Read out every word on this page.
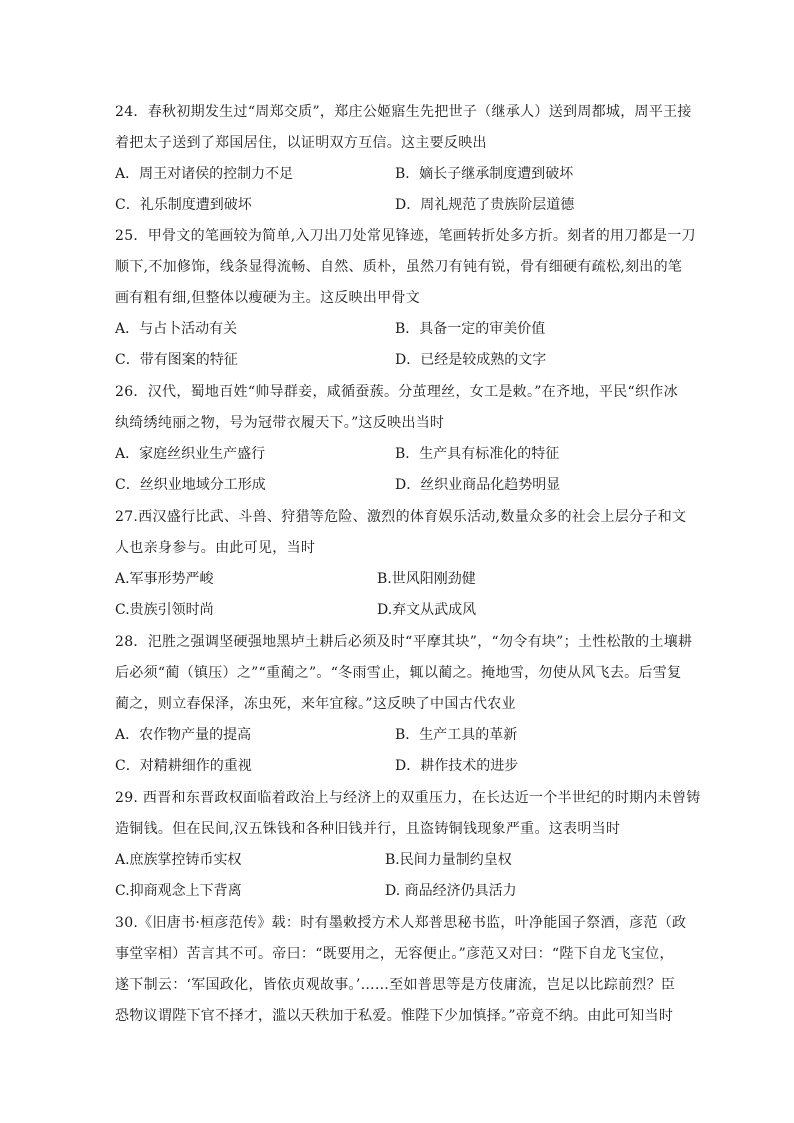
24．春秋初期发生过“周郑交质”，郑庄公姬寤生先把世子（继承人）送到周都城，周平王接

着把太子送到了郑国居住，以证明双方互信。这主要反映出

A．周王对诸侯的控制力不足	B．嫡长子继承制度遭到破坏
C．礼乐制度遭到破坏	D．周礼规范了贵族阶层道德

25．甲骨文的笔画较为简单,入刀出刀处常见锋迹，笔画转折处多方折。刻者的用刀都是一刀

顺下,不加修饰，线条显得流畅、自然、质朴，虽然刀有钝有锐，骨有细硬有疏松,刻出的笔

画有粗有细,但整体以瘦硬为主。这反映出甲骨文

A．与占卜活动有关	B．具备一定的审美价值
C．带有图案的特征	D．已经是较成熟的文字

26．汉代，蜀地百姓“帅导群妾，咸循蚕蔟。分茧理丝，女工是敕。”在齐地，平民“织作冰

纨绮绣纯丽之物，号为冠带衣履天下。”这反映出当时

A．家庭丝织业生产盛行	B．生产具有标准化的特征
C．丝织业地域分工形成	D．丝织业商品化趋势明显

27.西汉盛行比武、斗兽、狩猎等危险、激烈的体育娱乐活动,数量众多的社会上层分子和文

人也亲身参与。由此可见，当时

A.军事形势严峻	B.世风阳刚劲健
C.贵族引领时尚	D.弃文从武成风

28．汜胜之强调坚硬强地黑垆土耕后必须及时“平摩其块”，“勿令有块”；土性松散的土壤耕

后必须“蔺（镇压）之”“重蔺之”。“冬雨雪止，辄以蔺之。掩地雪，勿使从风飞去。后雪复

蔺之，则立春保泽，冻虫死，来年宜稼。”这反映了中国古代农业

A．农作物产量的提高	B．生产工具的革新
C．对精耕细作的重视	D．耕作技术的进步

29. 西晋和东晋政权面临着政治上与经济上的双重压力，在长达近一个半世纪的时期内未曾铸

造铜钱。但在民间,汉五铢钱和各种旧钱并行，且盗铸铜钱现象严重。这表明当时

A.庶族掌控铸币实权	B.民间力量制约皇权
C.抑商观念上下背离	D. 商品经济仍具活力

30.《旧唐书·桓彦范传》载：时有墨敕授方术人郑普思秘书监，叶净能国子祭酒，彦范（政

事堂宰相）苦言其不可。帝曰：“既要用之，无容便止。”彦范又对曰：“陛下自龙飞宝位，

遂下制云：‘军国政化，皆依贞观故事。’……至如普思等是方伎庸流，岂足以比踪前烈？臣

恐物议谓陛下官不择才，滥以天秩加于私爱。惟陛下少加慎择。”帝竟不纳。由此可知当时
